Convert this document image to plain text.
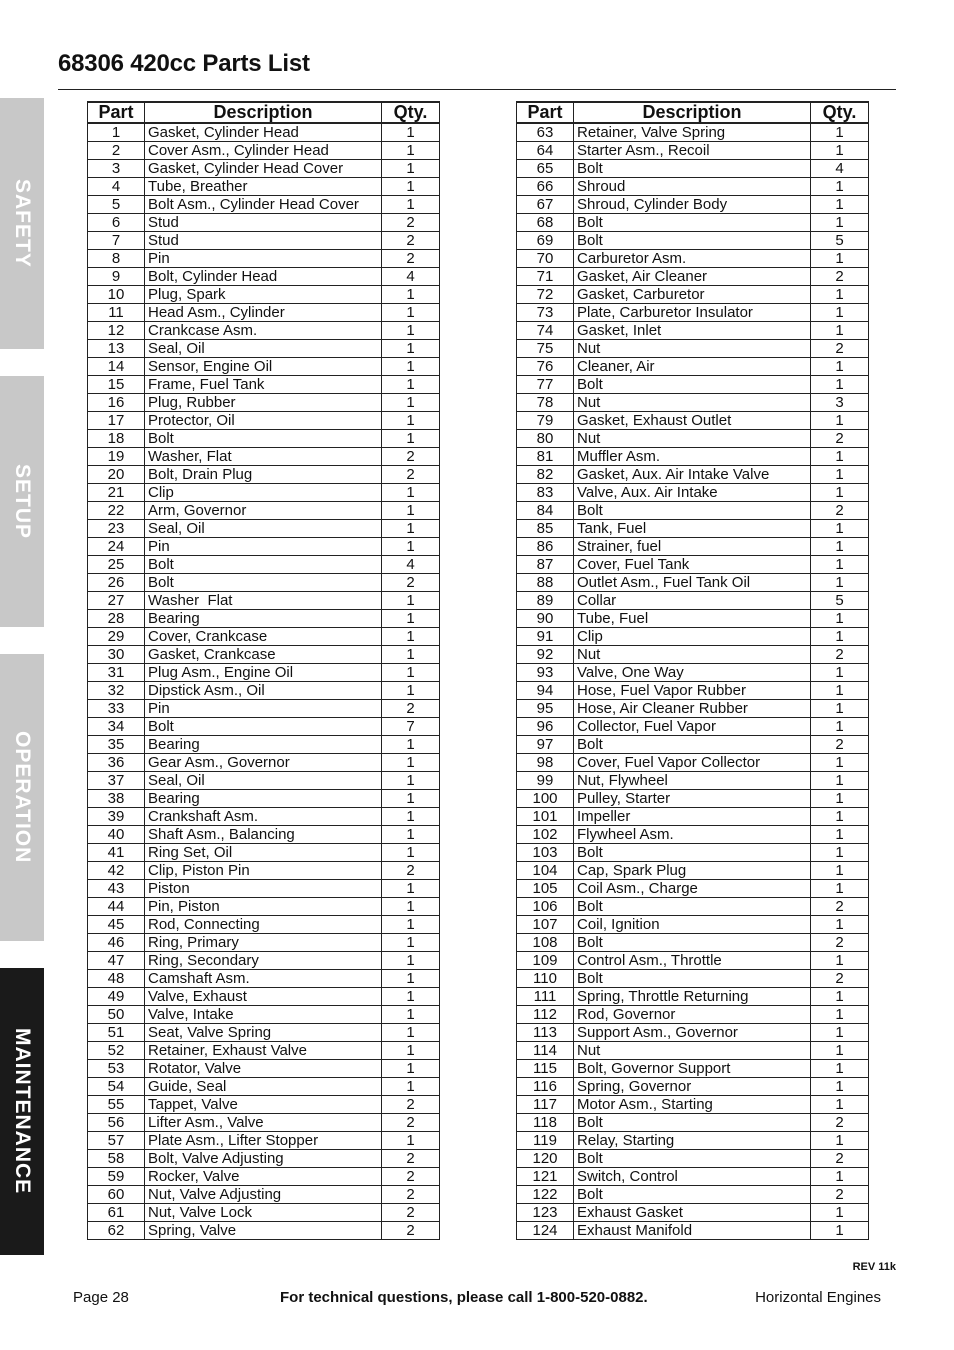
SAFETY
SETUP
OPERATION
MAINTENANCE
68306 420cc Parts List
Part	Description	Qty.
1	Gasket, Cylinder Head	1
2	Cover Asm., Cylinder Head	1
3	Gasket, Cylinder Head Cover	1
4	Tube, Breather	1
5	Bolt Asm., Cylinder Head Cover	1
6	Stud	2
7	Stud	2
8	Pin	2
9	Bolt, Cylinder Head	4
10	Plug, Spark	1
11	Head Asm., Cylinder	1
12	Crankcase Asm.	1
13	Seal, Oil	1
14	Sensor, Engine Oil	1
15	Frame, Fuel Tank	1
16	Plug, Rubber	1
17	Protector, Oil	1
18	Bolt	1
19	Washer, Flat	2
20	Bolt, Drain Plug	2
21	Clip	1
22	Arm, Governor	1
23	Seal, Oil	1
24	Pin	1
25	Bolt	4
26	Bolt	2
27	Washer  Flat	1
28	Bearing	1
29	Cover, Crankcase	1
30	Gasket, Crankcase	1
31	Plug Asm., Engine Oil	1
32	Dipstick Asm., Oil	1
33	Pin	2
34	Bolt	7
35	Bearing	1
36	Gear Asm., Governor	1
37	Seal, Oil	1
38	Bearing	1
39	Crankshaft Asm.	1
40	Shaft Asm., Balancing	1
41	Ring Set, Oil	1
42	Clip, Piston Pin	2
43	Piston	1
44	Pin, Piston	1
45	Rod, Connecting	1
46	Ring, Primary	1
47	Ring, Secondary	1
48	Camshaft Asm.	1
49	Valve, Exhaust	1
50	Valve, Intake	1
51	Seat, Valve Spring	1
52	Retainer, Exhaust Valve	1
53	Rotator, Valve	1
54	Guide, Seal	1
55	Tappet, Valve	2
56	Lifter Asm., Valve	2
57	Plate Asm., Lifter Stopper	1
58	Bolt, Valve Adjusting	2
59	Rocker, Valve	2
60	Nut, Valve Adjusting	2
61	Nut, Valve Lock	2
62	Spring, Valve	2
Part	Description	Qty.
63	Retainer, Valve Spring	1
64	Starter Asm., Recoil	1
65	Bolt	4
66	Shroud	1
67	Shroud, Cylinder Body	1
68	Bolt	1
69	Bolt	5
70	Carburetor Asm.	1
71	Gasket, Air Cleaner	2
72	Gasket, Carburetor	1
73	Plate, Carburetor Insulator	1
74	Gasket, Inlet	1
75	Nut	2
76	Cleaner, Air	1
77	Bolt	1
78	Nut	3
79	Gasket, Exhaust Outlet	1
80	Nut	2
81	Muffler Asm.	1
82	Gasket, Aux. Air Intake Valve	1
83	Valve, Aux. Air Intake	1
84	Bolt	2
85	Tank, Fuel	1
86	Strainer, fuel	1
87	Cover, Fuel Tank	1
88	Outlet Asm., Fuel Tank Oil	1
89	Collar	5
90	Tube, Fuel	1
91	Clip	1
92	Nut	2
93	Valve, One Way	1
94	Hose, Fuel Vapor Rubber	1
95	Hose, Air Cleaner Rubber	1
96	Collector, Fuel Vapor	1
97	Bolt	2
98	Cover, Fuel Vapor Collector	1
99	Nut, Flywheel	1
100	Pulley, Starter	1
101	Impeller	1
102	Flywheel Asm.	1
103	Bolt	1
104	Cap, Spark Plug	1
105	Coil Asm., Charge	1
106	Bolt	2
107	Coil, Ignition	1
108	Bolt	2
109	Control Asm., Throttle	1
110	Bolt	2
111	Spring, Throttle Returning	1
112	Rod, Governor	1
113	Support Asm., Governor	1
114	Nut	1
115	Bolt, Governor Support	1
116	Spring, Governor	1
117	Motor Asm., Starting	1
118	Bolt	2
119	Relay, Starting	1
120	Bolt	2
121	Switch, Control	1
122	Bolt	2
123	Exhaust Gasket	1
124	Exhaust Manifold	1
REV 11k
Page 28	For technical questions, please call 1-800-520-0882.	Horizontal Engines
